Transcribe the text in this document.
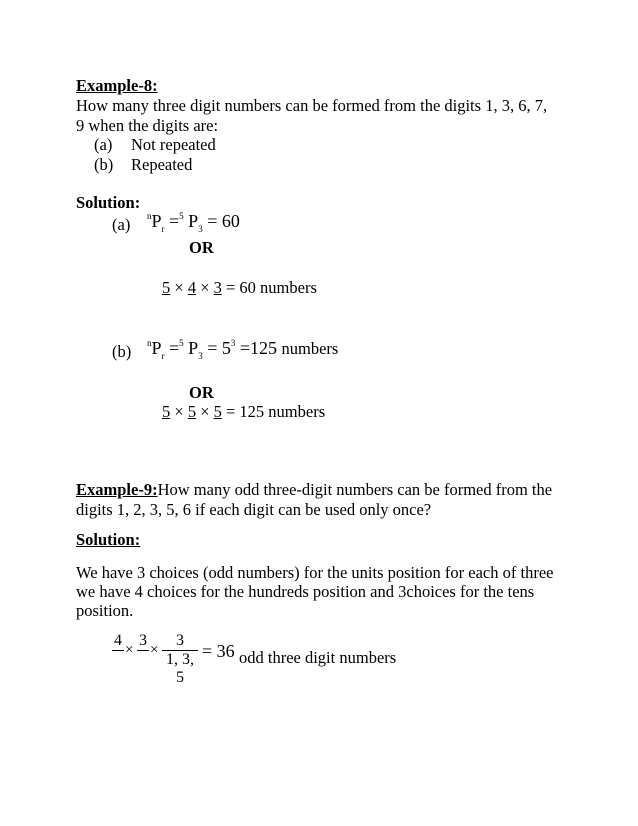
Example-8:
How many three digit numbers can be formed from the digits 1, 3, 6, 7,
9 when the digits are:
(a) Not repeated
(b) Repeated
Solution:
(a) $^nP_r =^5$ $P_3 = 60$
OR
5 × 4 × 3 = 60 numbers
(b) $^nP_r =^5$ $P_3 = 5^3 =125$ numbers
OR
5 × 5 × 5 = 125 numbers
Example-9:How many odd three-digit numbers can be formed from the
digits 1, 2, 3, 5, 6 if each digit can be used only once?
Solution:
We have 3 choices (odd numbers) for the units position for each of three
we have 4 choices for the hundreds position and 3choices for the tens
position.
4
×
3
×
3
1, 3, 5
= 36 odd three digit numbers
